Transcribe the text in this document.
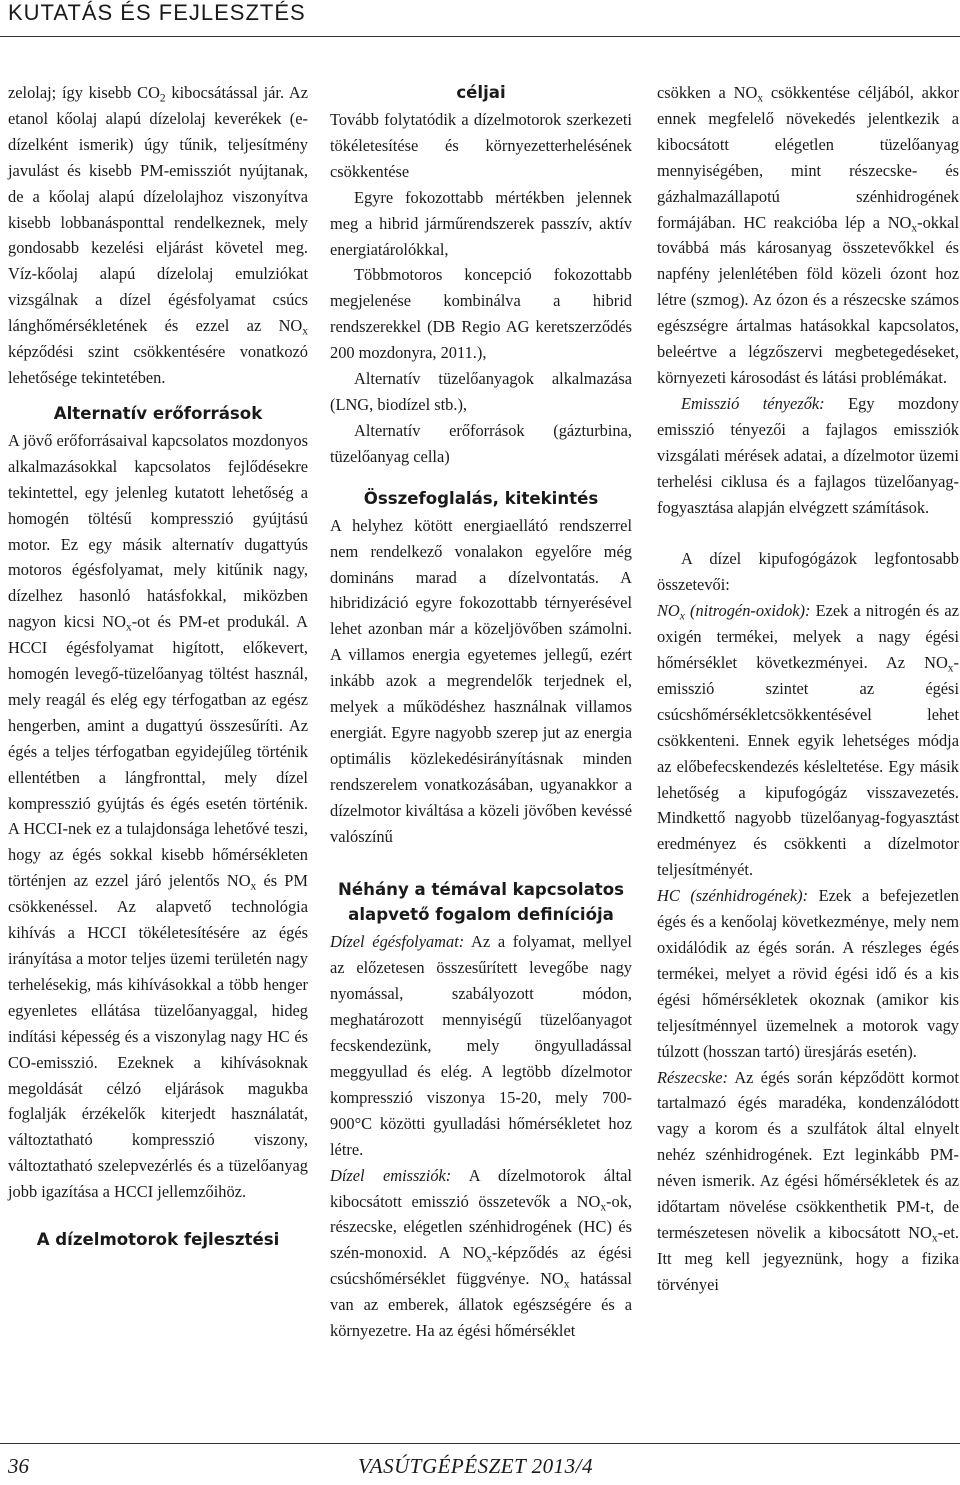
KUTATÁS ÉS FEJLESZTÉS

zelolaj; így kisebb $CO_2$ kibocsátással jár. Az etanol kőolaj alapú dízelolaj keverékek (e-dízelként ismerik) úgy tűnik, teljesítmény javulást és kisebb PM-emissziót nyújtanak, de a kőolaj alapú dízelolajhoz viszonyítva kisebb lobbanásponttal rendelkeznek, mely gondosabb kezelési eljárást követel meg. Víz-kőolaj alapú dízelolaj emulziókat vizsgálnak a dízel égésfolyamat csúcs lánghőmérsékletének és ezzel az $NO_x$ képződési szint csökkentésére vonatkozó lehetősége tekintetében.

Alternatív erőforrások

A jövő erőforrásaival kapcsolatos mozdonyos alkalmazásokkal kapcsolatos fejlődésekre tekintettel, egy jelenleg kutatott lehetőség a homogén töltésű kompresszió gyújtású motor. Ez egy másik alternatív dugattyús motoros égésfolyamat, mely kitűnik nagy, dízelhez hasonló hatásfokkal, miközben nagyon kicsi $NO_x-ot$ és PM-et produkál. A HCCI égésfolyamat higított, előkevert, homogén levegő-tüzelőanyag töltést használ, mely reagál és elég egy térfogatban az egész hengerben, amint a dugattyú összesűríti. Az égés a teljes térfogatban egyidejűleg történik ellentétben a lángfronttal, mely dízel kompresszió gyújtás és égés esetén történik. A HCCI-nek ez a tulajdonsága lehetővé teszi, hogy az égés sokkal kisebb hőmérsékleten történjen az ezzel járó jelentős $NO_x$ és PM csökkenéssel. Az alapvető technológia kihívás a HCCI tökéletesítésére az égés irányítása a motor teljes üzemi területén nagy terhelésekig, más kihívásokkal a több henger egyenletes ellátása tüzelőanyaggal, hideg indítási képesség és a viszonylag nagy HC és CO-emisszió. Ezeknek a kihívásoknak megoldását célzó eljárások magukba foglalják érzékelők kiterjedt használatát, változtatható kompresszió viszony, változtatható szelepvezérlés és a tüzelőanyag jobb igazítása a HCCI jellemzőihöz.

A dízelmotorok fejlesztési
céljai

Tovább folytatódik a dízelmotorok szerkezeti tökéletesítése és környezetterhelésének csökkentése

Egyre fokozottabb mértékben jelennek meg a hibrid járműrendszerek passzív, aktív energiatárolókkal,

Többmotoros koncepció fokozottabb megjelenése kombinálva a hibrid rendszerekkel (DB Regio AG keretszerződés 200 mozdonyra, 2011.),

Alternatív tüzelőanyagok alkalmazása (LNG, biodízel stb.),

Alternatív erőforrások (gázturbina, tüzelőanyag cella)

Összefoglalás, kitekintés

A helyhez kötött energiaellátó rendszerrel nem rendelkező vonalakon egyelőre még domináns marad a dízelvontatás. A hibridizáció egyre fokozottabb térnyerésével lehet azonban már a közeljövőben számolni. A villamos energia egyetemes jellegű, ezért inkább azok a megrendelők terjednek el, melyek a működéshez használnak villamos energiát. Egyre nagyobb szerep jut az energia optimális közlekedésirányításnak minden rendszerelem vonatkozásában, ugyanakkor a dízelmotor kiváltása a közeli jövőben kevéssé valószínű

Néhány a témával kapcsolatos alapvető fogalom definíciója

Dízel égésfolyamat: Az a folyamat, mellyel az előzetesen összesűrített levegőbe nagy nyomással, szabályozott módon, meghatározott mennyiségű tüzelőanyagot fecskendezünk, mely öngyulladással meggyullad és elég. A legtöbb dízelmotor kompresszió viszonya 15-20, mely 700-900°C közötti gyulladási hőmérsékletet hoz létre.

Dízel emissziók: A dízelmotorok által kibocsátott emisszió összetevők a $NO_x-ok$, részecske, elégetlen szénhidrogének (HC) és szén-monoxid. A $NO_x$-képződés az égési csúcshőmérséklet függvénye. $NO_x$ hatással van az emberek, állatok egészségére és a környezetre. Ha az égési hőmérséklet

csökken a $NO_x$ csökkentése céljából, akkor ennek megfelelő növekedés jelentkezik a kibocsátott elégetlen tüzelőanyag mennyiségében, mint részecske- és gázhalmazállapotú szénhidrogének formájában. HC reakcióba lép a $NO_x$-okkal továbbá más károsanyag összetevőkkel és napfény jelenlétében föld közeli ózont hoz létre (szmog). Az ózon és a részecske számos egészségre ártalmas hatásokkal kapcsolatos, beleértve a légzőszervi megbetegedéseket, környezeti károsodást és látási problémákat.

Emisszió tényezők: Egy mozdony emisszió tényezői a fajlagos emissziók vizsgálati mérések adatai, a dízelmotor üzemi terhelési ciklusa és a fajlagos tüzelőanyag-fogyasztása alapján elvégzett számítások.

A dízel kipufogógázok legfontosabb összetevői:

$NO_x$ (nitrogén-oxidok): Ezek a nitrogén és az oxigén termékei, melyek a nagy égési hőmérséklet következményei. Az $NO_x$-emisszió szintet az égési csúcshőmérsékletcsökkentésével lehet csökkenteni. Ennek egyik lehetséges módja az előbefecskendezés késleltetése. Egy másik lehetőség a kipufogógáz visszavezetés. Mindkettő nagyobb tüzelőanyag-fogyasztást eredményez és csökkenti a dízelmotor teljesítményét.

HC (szénhidrogének): Ezek a befejezetlen égés és a kenőolaj következménye, mely nem oxidálódik az égés során. A részleges égés termékei, melyet a rövid égési idő és a kis égési hőmérsékletek okoznak (amikor kis teljesítménnyel üzemelnek a motorok vagy túlzott (hosszan tartó) üresjárás esetén).

Részecske: Az égés során képződött kormot tartalmazó égés maradéka, kondenzálódott vagy a korom és a szulfátok által elnyelt nehéz szénhidrogének. Ezt leginkább PM-néven ismerik. Az égési hőmérsékletek és az időtartam növelése csökkenthetik PM-t, de természetesen növelik a kibocsátott $NO_x-et$. Itt meg kell jegyeznünk, hogy a fizika törvényei

36	VASÚTGÉPÉSZET 2013/4
